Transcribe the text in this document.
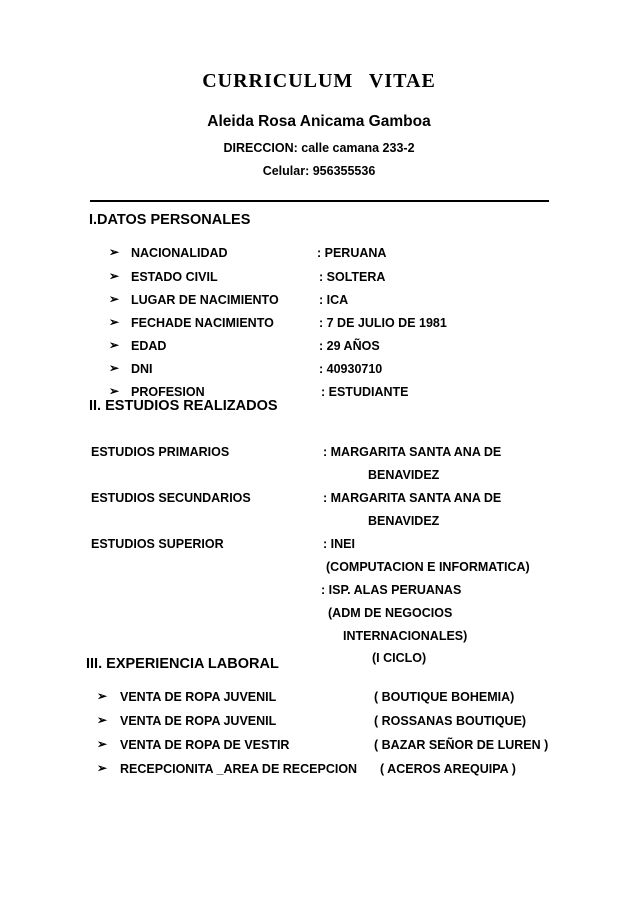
CURRICULUM VITAE
Aleida Rosa Anicama Gamboa
DIRECCION: calle camana 233-2
Celular: 956355536
I.DATOS PERSONALES
➢ NACIONALIDAD	: PERUANA
➢ ESTADO CIVIL	: SOLTERA
➢ LUGAR DE NACIMIENTO	: ICA
➢ FECHADE NACIMIENTO	: 7 DE JULIO DE 1981
➢ EDAD	: 29 AÑOS
➢ DNI	: 40930710
➢ PROFESION	: ESTUDIANTE
II. ESTUDIOS REALIZADOS
ESTUDIOS PRIMARIOS	: MARGARITA SANTA ANA DE
BENAVIDEZ
ESTUDIOS SECUNDARIOS	: MARGARITA SANTA ANA DE
BENAVIDEZ
ESTUDIOS SUPERIOR	: INEI
(COMPUTACION E INFORMATICA)
: ISP. ALAS PERUANAS
(ADM DE NEGOCIOS
INTERNACIONALES)
(I CICLO)
III. EXPERIENCIA LABORAL
➢ VENTA DE ROPA JUVENIL	( BOUTIQUE BOHEMIA)
➢ VENTA DE ROPA JUVENIL	( ROSSANAS BOUTIQUE)
➢ VENTA DE ROPA DE VESTIR	( BAZAR SEÑOR DE LUREN )
➢ RECEPCIONITA _AREA DE RECEPCION ( ACEROS AREQUIPA )
